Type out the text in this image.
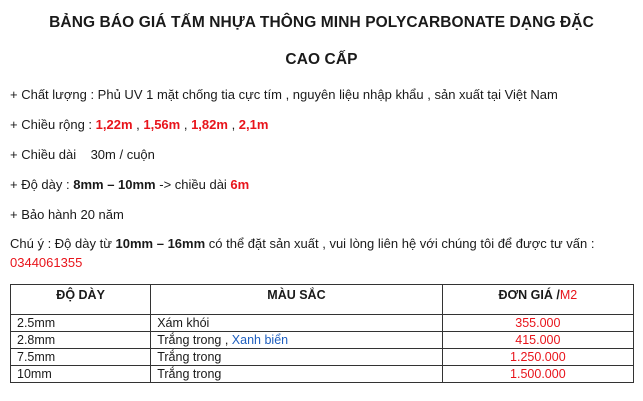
BẢNG BÁO GIÁ TẤM NHỰA THÔNG MINH POLYCARBONATE DẠNG ĐẶC
CAO CẤP
+ Chất lượng : Phủ UV 1 mặt chống tia cực tím , nguyên liệu nhập khẩu , sản xuất tại Việt Nam
+ Chiều rộng : 1,22m , 1,56m , 1,82m , 2,1m
+ Chiều dài    30m / cuộn
+ Độ dày : 8mm – 10mm -> chiều dài 6m
+ Bảo hành 20 năm
Chú ý : Độ dày từ 10mm – 16mm có thể đặt sản xuất , vui lòng liên hệ với chúng tôi để được tư vấn :
0344061355
ĐỘ DÀY	MÀU SẮC	ĐƠN GIÁ /M2
2.5mm	Xám khói	355.000
2.8mm	Trắng trong , Xanh biển	415.000
7.5mm	Trắng trong	1.250.000
10mm	Trắng trong	1.500.000
